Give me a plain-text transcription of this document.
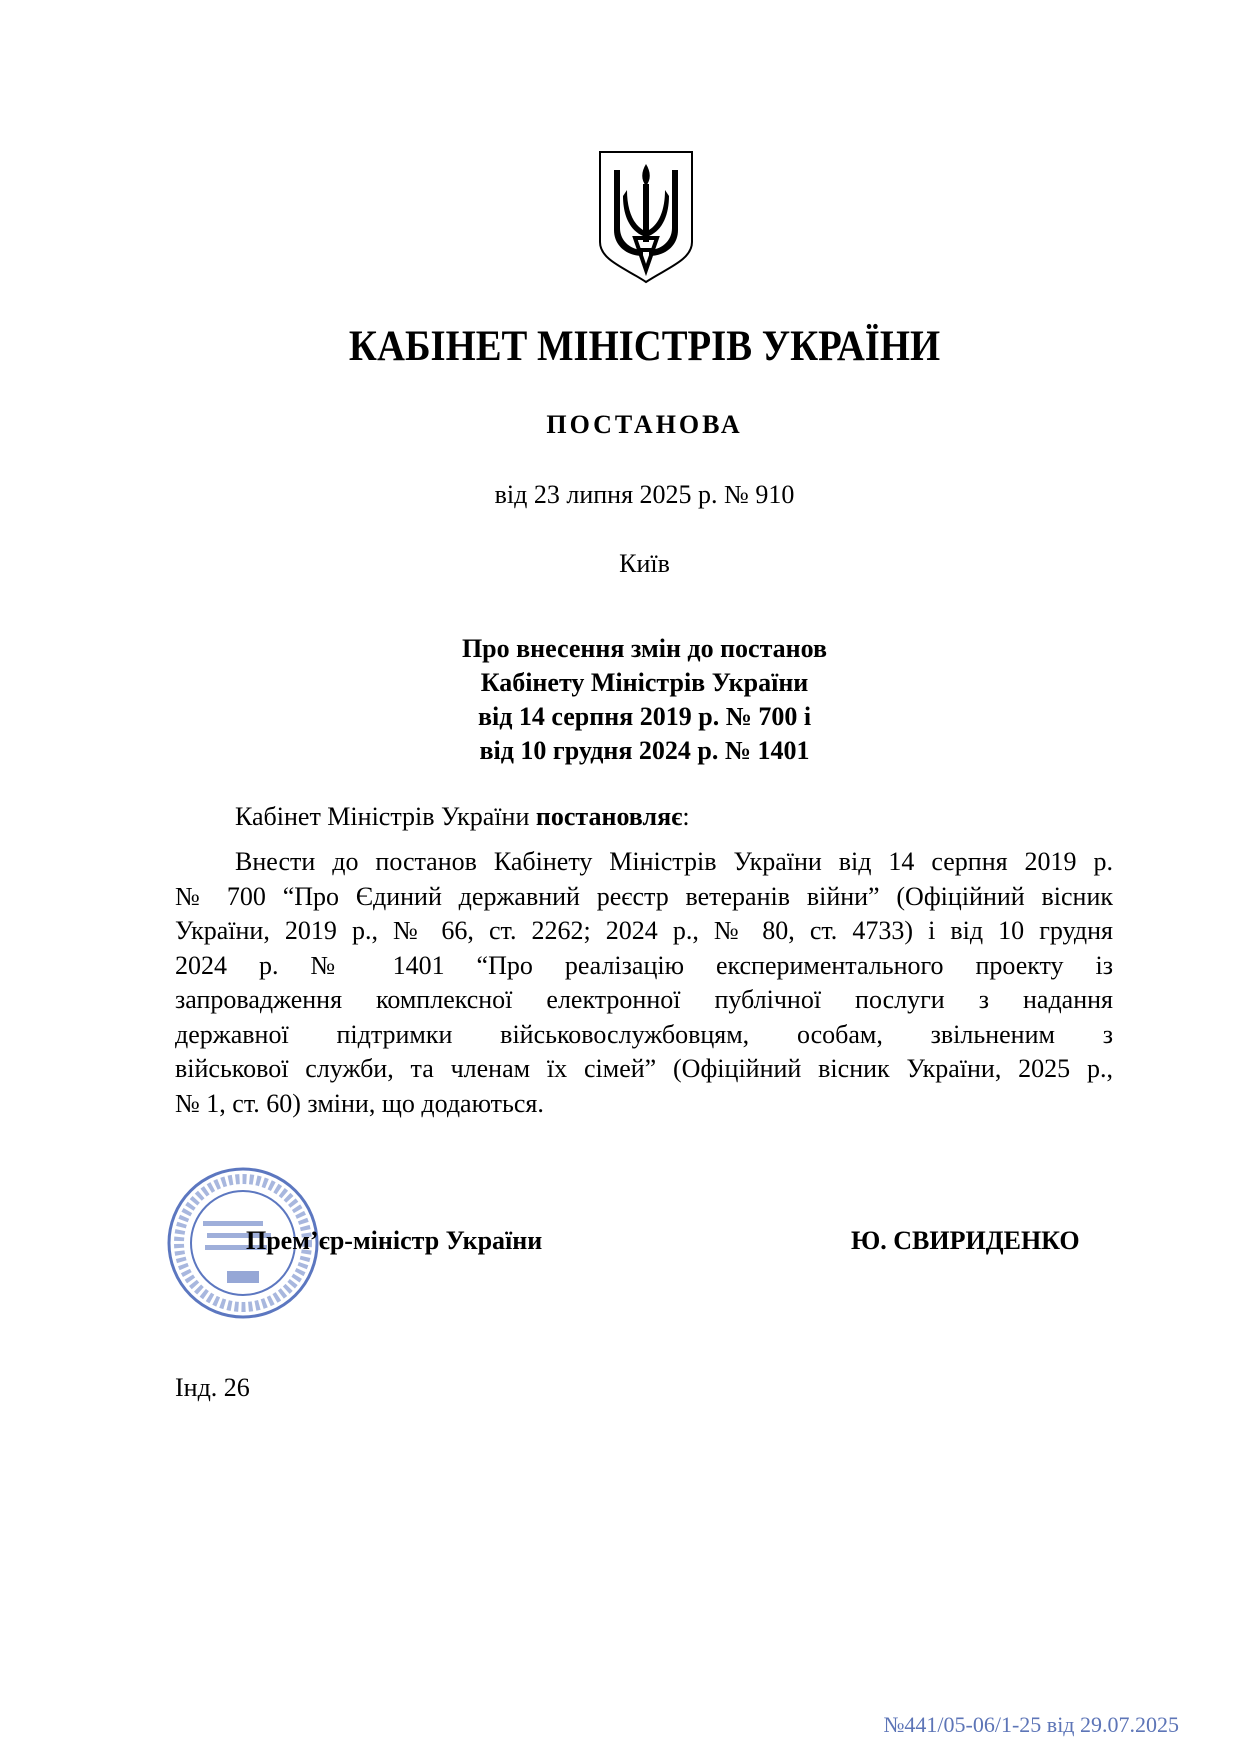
КАБІНЕТ МІНІСТРІВ УКРАЇНИ
ПОСТАНОВА
від 23 липня 2025 р. № 910
Київ
Про внесення змін до постанов
Кабінету Міністрів України
від 14 серпня 2019 р. № 700 і
від 10 грудня 2024 р. № 1401
Кабінет Міністрів України постановляє:
Внести до постанов Кабінету Міністрів України від 14 серпня 2019 р.
№ 700 “Про Єдиний державний реєстр ветеранів війни” (Офіційний вісник
України, 2019 р., № 66, ст. 2262; 2024 р., № 80, ст. 4733) і від 10 грудня
2024 р. № 1401 “Про реалізацію експериментального проекту із
запровадження комплексної електронної публічної послуги з надання
державної підтримки військовослужбовцям, особам, звільненим з
військової служби, та членам їх сімей” (Офіційний вісник України, 2025 р.,
№ 1, ст. 60) зміни, що додаються.
Прем’єр-міністр України	Ю. СВИРИДЕНКО
Інд. 26
№441/05-06/1-25 від 29.07.2025
